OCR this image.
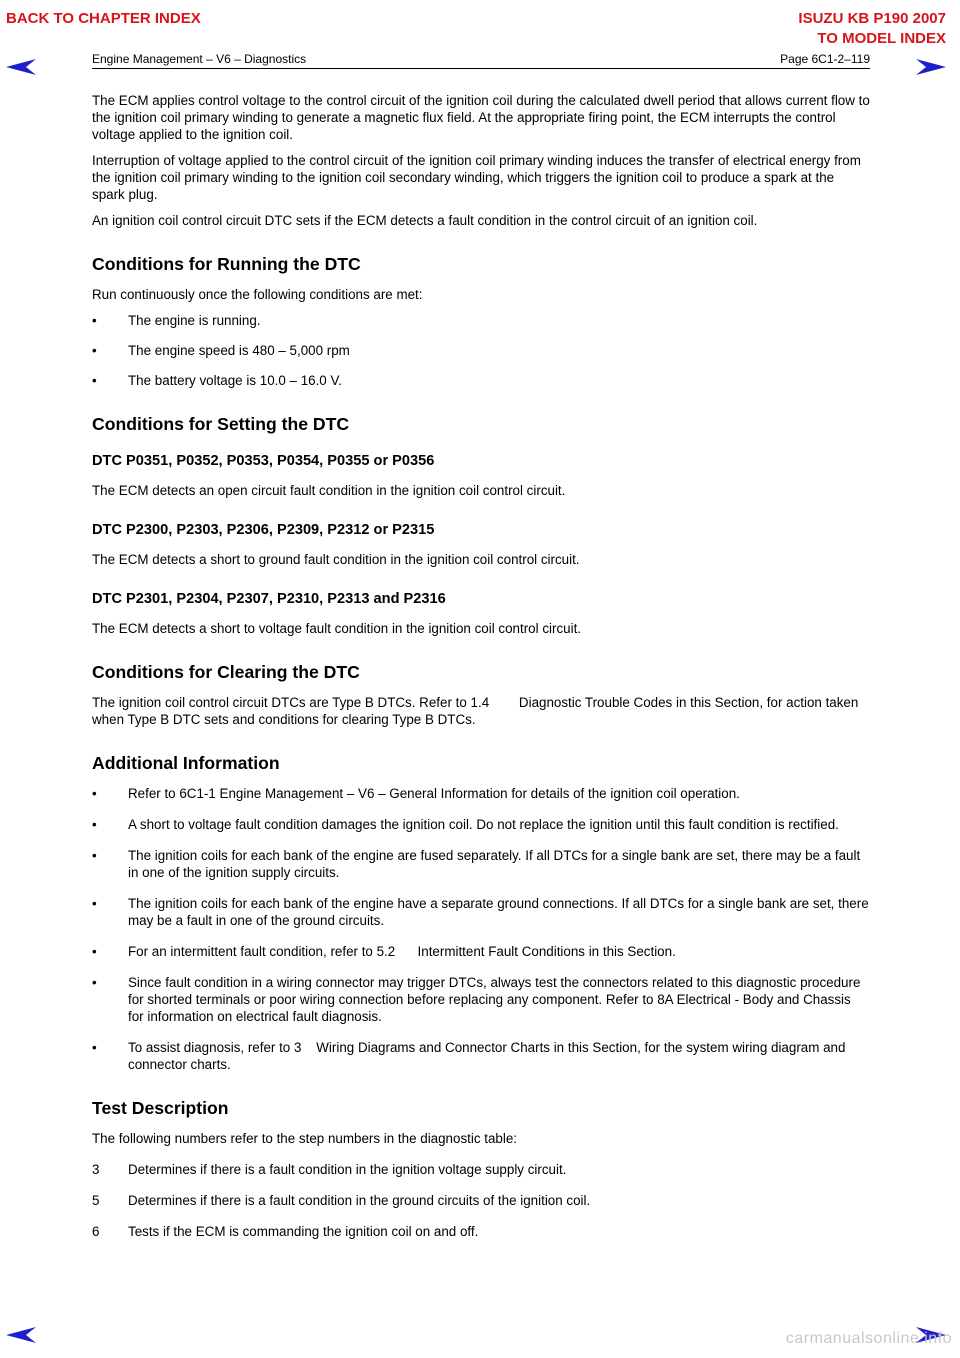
BACK TO CHAPTER INDEX	ISUZU KB P190 2007
TO MODEL INDEX
Engine Management – V6 – Diagnostics	Page 6C1-2–119

The ECM applies control voltage to the control circuit of the ignition coil during the calculated dwell period that allows current flow to the ignition coil primary winding to generate a magnetic flux field. At the appropriate firing point, the ECM interrupts the control voltage applied to the ignition coil.

Interruption of voltage applied to the control circuit of the ignition coil primary winding induces the transfer of electrical energy from the ignition coil primary winding to the ignition coil secondary winding, which triggers the ignition coil to produce a spark at the spark plug.

An ignition coil control circuit DTC sets if the ECM detects a fault condition in the control circuit of an ignition coil.

Conditions for Running the DTC

Run continuously once the following conditions are met:

• The engine is running.
• The engine speed is 480 – 5,000 rpm
• The battery voltage is 10.0 – 16.0 V.
Conditions for Setting the DTC
DTC P0351, P0352, P0353, P0354, P0355 or P0356

The ECM detects an open circuit fault condition in the ignition coil control circuit.

DTC P2300, P2303, P2306, P2309, P2312 or P2315

The ECM detects a short to ground fault condition in the ignition coil control circuit.

DTC P2301, P2304, P2307, P2310, P2313 and P2316

The ECM detects a short to voltage fault condition in the ignition coil control circuit.

Conditions for Clearing the DTC

The ignition coil control circuit DTCs are Type B DTCs. Refer to 1.4        Diagnostic Trouble Codes in this Section, for action taken when Type B DTC sets and conditions for clearing Type B DTCs.

Additional Information
• Refer to 6C1-1 Engine Management – V6 – General Information for details of the ignition coil operation.
• A short to voltage fault condition damages the ignition coil. Do not replace the ignition until this fault condition is rectified.
• The ignition coils for each bank of the engine are fused separately. If all DTCs for a single bank are set, there may be a fault in one of the ignition supply circuits.
• The ignition coils for each bank of the engine have a separate ground connections. If all DTCs for a single bank are set, there may be a fault in one of the ground circuits.
• For an intermittent fault condition, refer to 5.2      Intermittent Fault Conditions in this Section.
• Since fault condition in a wiring connector may trigger DTCs, always test the connectors related to this diagnostic procedure for shorted terminals or poor wiring connection before replacing any component. Refer to 8A Electrical - Body and Chassis for information on electrical fault diagnosis.
• To assist diagnosis, refer to 3    Wiring Diagrams and Connector Charts in this Section, for the system wiring diagram and connector charts.
Test Description

The following numbers refer to the step numbers in the diagnostic table:

3 Determines if there is a fault condition in the ignition voltage supply circuit.
5 Determines if there is a fault condition in the ground circuits of the ignition coil.
6 Tests if the ECM is commanding the ignition coil on and off.
carmanualsonline.info
